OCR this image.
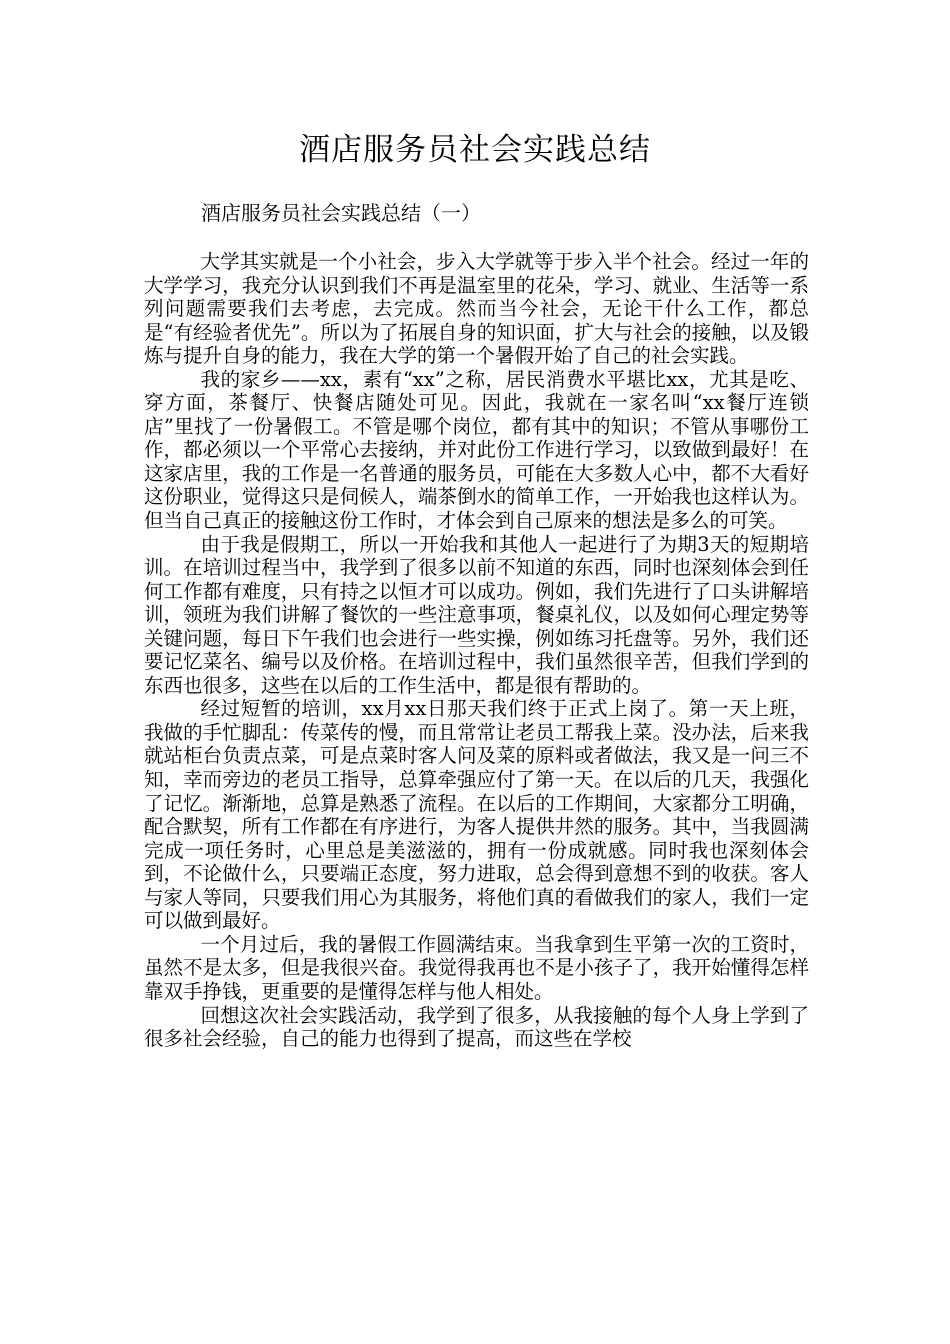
酒店服务员社会实践总结
酒店服务员社会实践总结（一）

大学其实就是一个小社会，步入大学就等于步入半个社会。经过一年的大学学习，我充分认识到我们不再是温室里的花朵，学习、就业、生活等一系列问题需要我们去考虑，去完成。然而当今社会，无论干什么工作，都总是“有经验者优先”。所以为了拓展自身的知识面，扩大与社会的接触，以及锻炼与提升自身的能力，我在大学的第一个暑假开始了自己的社会实践。

我的家乡——xx，素有“xx”之称，居民消费水平堪比xx，尤其是吃、穿方面，茶餐厅、快餐店随处可见。因此，我就在一家名叫“xx餐厅连锁店”里找了一份暑假工。不管是哪个岗位，都有其中的知识；不管从事哪份工作，都必须以一个平常心去接纳，并对此份工作进行学习，以致做到最好！在这家店里，我的工作是一名普通的服务员，可能在大多数人心中，都不大看好这份职业，觉得这只是伺候人，端茶倒水的简单工作，一开始我也这样认为。但当自己真正的接触这份工作时，才体会到自己原来的想法是多么的可笑。

由于我是假期工，所以一开始我和其他人一起进行了为期3天的短期培训。在培训过程当中，我学到了很多以前不知道的东西，同时也深刻体会到任何工作都有难度，只有持之以恒才可以成功。例如，我们先进行了口头讲解培训，领班为我们讲解了餐饮的一些注意事项，餐桌礼仪，以及如何心理定势等关键问题，每日下午我们也会进行一些实操，例如练习托盘等。另外，我们还要记忆菜名、编号以及价格。在培训过程中，我们虽然很辛苦，但我们学到的东西也很多，这些在以后的工作生活中，都是很有帮助的。

经过短暂的培训，xx月xx日那天我们终于正式上岗了。第一天上班，我做的手忙脚乱：传菜传的慢，而且常常让老员工帮我上菜。没办法，后来我就站柜台负责点菜，可是点菜时客人问及菜的原料或者做法，我又是一问三不知，幸而旁边的老员工指导，总算牵强应付了第一天。在以后的几天，我强化了记忆。渐渐地，总算是熟悉了流程。在以后的工作期间，大家都分工明确，配合默契，所有工作都在有序进行，为客人提供井然的服务。其中，当我圆满完成一项任务时，心里总是美滋滋的，拥有一份成就感。同时我也深刻体会到，不论做什么，只要端正态度，努力进取，总会得到意想不到的收获。客人与家人等同，只要我们用心为其服务，将他们真的看做我们的家人，我们一定可以做到最好。

一个月过后，我的暑假工作圆满结束。当我拿到生平第一次的工资时，虽然不是太多，但是我很兴奋。我觉得我再也不是小孩子了，我开始懂得怎样靠双手挣钱，更重要的是懂得怎样与他人相处。

回想这次社会实践活动，我学到了很多，从我接触的每个人身上学到了很多社会经验，自己的能力也得到了提高，而这些在学校
